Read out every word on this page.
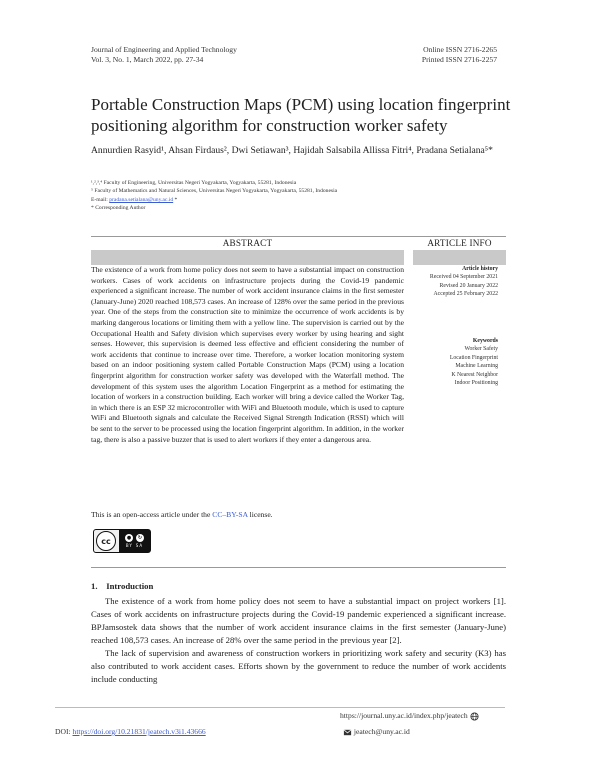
Journal of Engineering and Applied Technology
Vol. 3, No. 1, March 2022, pp. 27-34
Online ISSN 2716-2265
Printed ISSN 2716-2257
Portable Construction Maps (PCM) using location fingerprint positioning algorithm for construction worker safety
Annurdien Rasyid¹, Ahsan Firdaus², Dwi Setiawan³, Hajidah Salsabila Allissa Fitri⁴, Pradana Setialana⁵*
¹,²,³,⁴ Faculty of Engineering, Universitas Negeri Yogyakarta, Yogyakarta, 55281, Indonesia
⁵ Faculty of Mathematics and Natural Sciences, Universitas Negeri Yogyakarta, Yogyakarta, 55281, Indonesia
E-mail: pradana.setialana@uny.ac.id *
* Corresponding Author
ABSTRACT	ARTICLE INFO

The existence of a work from home policy does not seem to have a substantial impact on construction workers. Cases of work accidents on infrastructure projects during the Covid-19 pandemic experienced a significant increase. The number of work accident insurance claims in the first semester (January-June) 2020 reached 108,573 cases. An increase of 128% over the same period in the previous year. One of the steps from the construction site to minimize the occurrence of work accidents is by marking dangerous locations or limiting them with a yellow line. The supervision is carried out by the Occupational Health and Safety division which supervises every worker by using hearing and sight senses. However, this supervision is deemed less effective and efficient considering the number of work accidents that continue to increase over time. Therefore, a worker location monitoring system based on an indoor positioning system called Portable Construction Maps (PCM) using a location fingerprint algorithm for construction worker safety was developed with the Waterfall method. The development of this system uses the algorithm Location Fingerprint as a method for estimating the location of workers in a construction building. Each worker will bring a device called the Worker Tag, in which there is an ESP 32 microcontroller with WiFi and Bluetooth module, which is used to capture WiFi and Bluetooth signals and calculate the Received Signal Strength Indication (RSSI) which will be sent to the server to be processed using the location fingerprint algorithm. In addition, in the worker tag, there is also a passive buzzer that is used to alert workers if they enter a dangerous area.

This is an open-access article under the CC–BY-SA license.
cc	●	↻
BY SA
Article history
Received 04 September 2021
Revised 20 January 2022
Accepted 25 February 2022
Keywords
Worker Safety
Location Fingerprint
Machine Learning
K Nearest Neighbor
Indoor Positioning
1. Introduction

The existence of a work from home policy does not seem to have a substantial impact on project workers [1]. Cases of work accidents on infrastructure projects during the Covid-19 pandemic experienced a significant increase. BPJamsostek data shows that the number of work accident insurance claims in the first semester (January-June) reached 108,573 cases. An increase of 28% over the same period in the previous year [2].

The lack of supervision and awareness of construction workers in prioritizing work safety and security (K3) has also contributed to work accident cases. Efforts shown by the government to reduce the number of work accidents include conducting

DOI: https://doi.org/10.21831/jeatech.v3i1.43666
https://journal.uny.ac.id/index.php/jeatech
jeatech@uny.ac.id
